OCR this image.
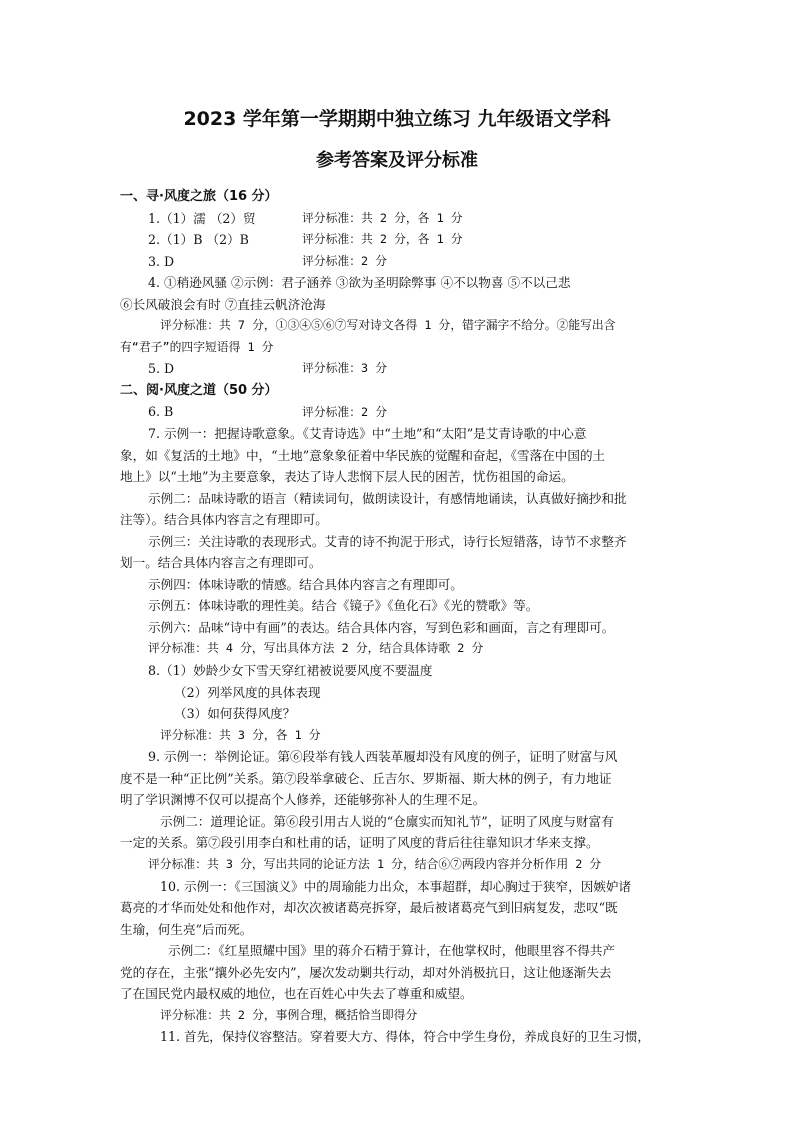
2023 学年第一学期期中独立练习 九年级语文学科
参考答案及评分标准
一、寻·风度之旅（16 分）
1.（1）濡 （2）贸
2.（1）B （2）B
3. D
4. ①稍逊风骚 ②示例：君子涵养 ③欲为圣明除弊事 ④不以物喜 ⑤不以己悲
⑥长风破浪会有时 ⑦直挂云帆济沧海
评分标准：共 7 分，①③④⑤⑥⑦写对诗文各得 1 分，错字漏字不给分。②能写出含
有“君子”的四字短语得 1 分
5. D
二、阅·风度之道（50 分）
6. B
7. 示例一：把握诗歌意象。《艾青诗选》中“土地”和“太阳”是艾青诗歌的中心意
象，如《复活的土地》中，“土地”意象象征着中华民族的觉醒和奋起，《雪落在中国的土
地上》以“土地”为主要意象，表达了诗人悲悯下层人民的困苦，忧伤祖国的命运。
示例二：品味诗歌的语言（精读词句，做朗读设计，有感情地诵读，认真做好摘抄和批
注等）。结合具体内容言之有理即可。
示例三：关注诗歌的表现形式。艾青的诗不拘泥于形式，诗行长短错落，诗节不求整齐
划一。结合具体内容言之有理即可。
示例四：体味诗歌的情感。结合具体内容言之有理即可。
示例五：体味诗歌的理性美。结合《镜子》《鱼化石》《光的赞歌》等。
示例六：品味“诗中有画”的表达。结合具体内容，写到色彩和画面，言之有理即可。
评分标准：共 4 分，写出具体方法 2 分，结合具体诗歌 2 分
8.（1）妙龄少女下雪天穿红裙被说要风度不要温度
（2）列举风度的具体表现
（3）如何获得风度？
评分标准：共 3 分，各 1 分
9. 示例一：举例论证。第⑥段举有钱人西装革履却没有风度的例子，证明了财富与风
度不是一种“正比例”关系。第⑦段举拿破仑、丘吉尔、罗斯福、斯大林的例子，有力地证
明了学识渊博不仅可以提高个人修养，还能够弥补人的生理不足。
示例二：道理论证。第⑥段引用古人说的“仓廪实而知礼节”，证明了风度与财富有
一定的关系。第⑦段引用李白和杜甫的话，证明了风度的背后往往靠知识才华来支撑。
评分标准：共 3 分，写出共同的论证方法 1 分，结合⑥⑦两段内容并分析作用 2 分
10. 示例一：《三国演义》中的周瑜能力出众，本事超群，却心胸过于狭窄，因嫉妒诸
葛亮的才华而处处和他作对，却次次被诸葛亮拆穿，最后被诸葛亮气到旧病复发，悲叹“既
生瑜，何生亮”后而死。
示例二：《红星照耀中国》里的蒋介石精于算计，在他掌权时，他眼里容不得共产
党的存在，主张“攘外必先安内”，屡次发动剿共行动，却对外消极抗日，这让他逐渐失去
了在国民党内最权威的地位，也在百姓心中失去了尊重和威望。
评分标准：共 2 分，事例合理，概括恰当即得分
11. 首先，保持仪容整洁。穿着要大方、得体，符合中学生身份，养成良好的卫生习惯，
评分标准：共 2 分，各 1 分
评分标准：共 2 分，各 1 分
评分标准：2 分
评分标准：3 分
评分标准：2 分
